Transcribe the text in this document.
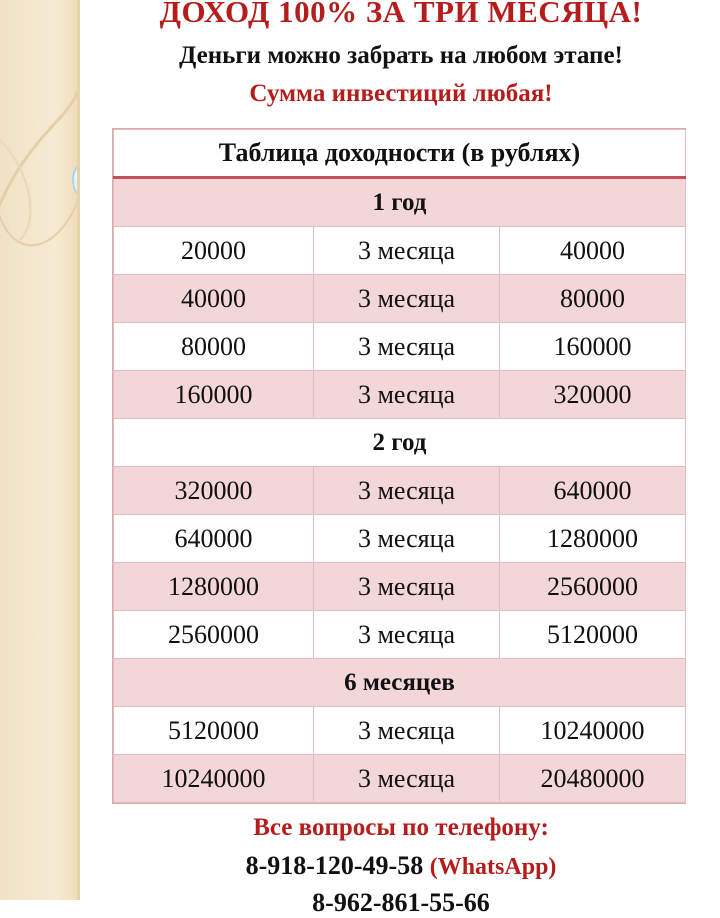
ДОХОД 100% ЗА ТРИ МЕСЯЦА!
Деньги можно забрать на любом этапе!
Сумма инвестиций любая!
Таблица доходности (в рублях)		
1 год		
20000	3 месяца	40000
40000	3 месяца	80000
80000	3 месяца	160000
160000	3 месяца	320000
2 год		
320000	3 месяца	640000
640000	3 месяца	1280000
1280000	3 месяца	2560000
2560000	3 месяца	5120000
6 месяцев		
5120000	3 месяца	10240000
10240000	3 месяца	20480000
Все вопросы по телефону:
8-918-120-49-58 (WhatsApp)
8-962-861-55-66
